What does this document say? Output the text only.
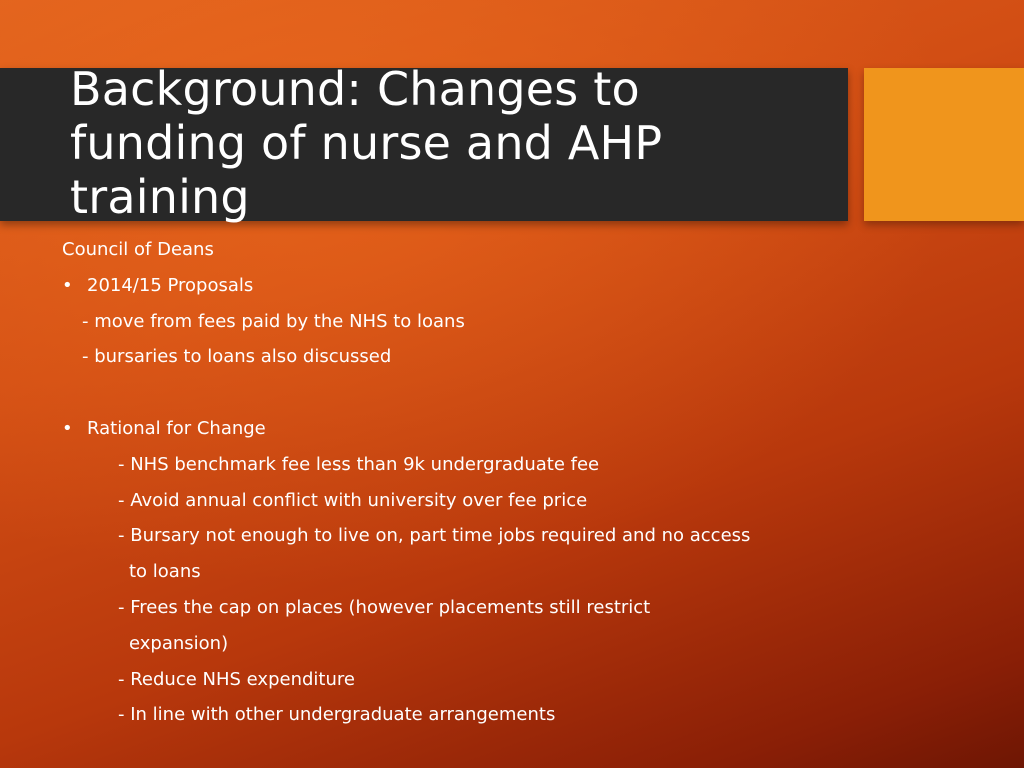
Background: Changes to funding of nurse and AHP training
Council of Deans
• 2014/15 Proposals
- move from fees paid by the NHS to loans
- bursaries to loans also discussed
• Rational for Change
- NHS benchmark fee less than 9k undergraduate fee
- Avoid annual conflict with university over fee price
- Bursary not enough to live on, part time jobs required and no access
to loans
- Frees the cap on places (however placements still restrict
expansion)
- Reduce NHS expenditure
- In line with other undergraduate arrangements
